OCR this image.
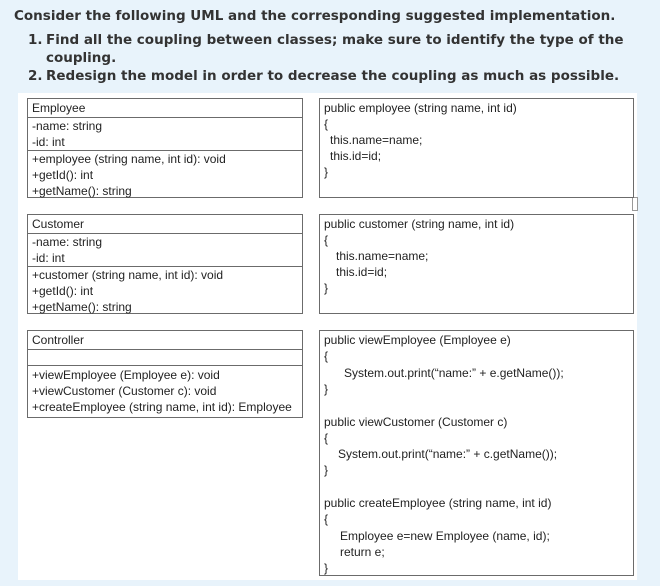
Consider the following UML and the corresponding suggested implementation.
1. Find all the coupling between classes; make sure to identify the type of the
coupling.
2. Redesign the model in order to decrease the coupling as much as possible.
Employee
-name: string
-id: int
+employee (string name, int id): void
+getId(): int
+getName(): string
Customer
-name: string
-id: int
+customer (string name, int id): void
+getId(): int
+getName(): string
Controller
+viewEmployee (Employee e): void
+viewCustomer (Customer c): void
+createEmployee (string name, int id): Employee
public employee (string name, int id)
{
this.name=name;
this.id=id;
}
public customer (string name, int id)
{
this.name=name;
this.id=id;
}
public viewEmployee (Employee e)
{
System.out.print(“name:” + e.getName());
}
public viewCustomer (Customer c)
{
System.out.print(“name:” + c.getName());
}
public createEmployee (string name, int id)
{
Employee e=new Employee (name, id);
return e;
}
